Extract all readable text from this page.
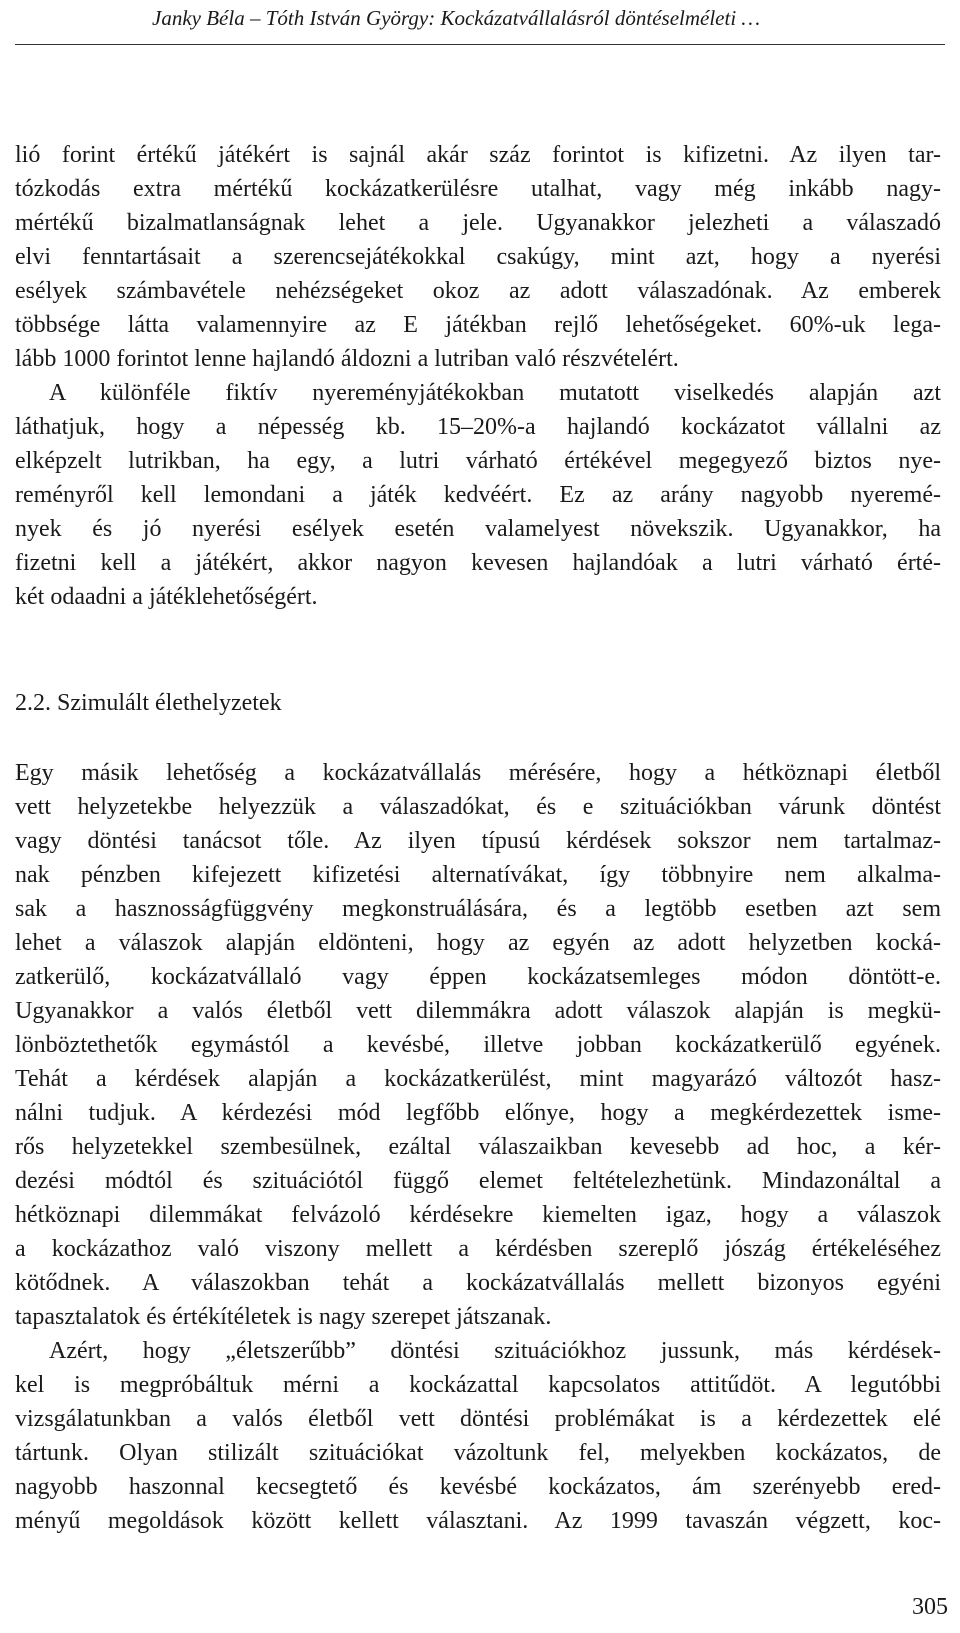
Janky Béla – Tóth István György: Kockázatvállalásról döntéselméleti …
lió forint értékű játékért is sajnál akár száz forintot is kifizetni. Az ilyen tar-
tózkodás extra mértékű kockázatkerülésre utalhat, vagy még inkább nagy-
mértékű bizalmatlanságnak lehet a jele. Ugyanakkor jelezheti a válaszadó
elvi fenntartásait a szerencsejátékokkal csakúgy, mint azt, hogy a nyerési
esélyek számbavétele nehézségeket okoz az adott válaszadónak. Az emberek
többsége látta valamennyire az E játékban rejlő lehetőségeket. 60%-uk lega-
lább 1000 forintot lenne hajlandó áldozni a lutriban való részvételért.
A különféle fiktív nyereményjátékokban mutatott viselkedés alapján azt
láthatjuk, hogy a népesség kb. 15–20%-a hajlandó kockázatot vállalni az
elképzelt lutrikban, ha egy, a lutri várható értékével megegyező biztos nye-
reményről kell lemondani a játék kedvéért. Ez az arány nagyobb nyeremé-
nyek és jó nyerési esélyek esetén valamelyest növekszik. Ugyanakkor, ha
fizetni kell a játékért, akkor nagyon kevesen hajlandóak a lutri várható érté-
két odaadni a játéklehetőségért.
2.2. Szimulált élethelyzetek
Egy másik lehetőség a kockázatvállalás mérésére, hogy a hétköznapi életből
vett helyzetekbe helyezzük a válaszadókat, és e szituációkban várunk döntést
vagy döntési tanácsot tőle. Az ilyen típusú kérdések sokszor nem tartalmaz-
nak pénzben kifejezett kifizetési alternatívákat, így többnyire nem alkalma-
sak a hasznosságfüggvény megkonstruálására, és a legtöbb esetben azt sem
lehet a válaszok alapján eldönteni, hogy az egyén az adott helyzetben kocká-
zatkerülő, kockázatvállaló vagy éppen kockázatsemleges módon döntött-e.
Ugyanakkor a valós életből vett dilemmákra adott válaszok alapján is megkü-
lönböztethetők egymástól a kevésbé, illetve jobban kockázatkerülő egyének.
Tehát a kérdések alapján a kockázatkerülést, mint magyarázó változót hasz-
nálni tudjuk. A kérdezési mód legfőbb előnye, hogy a megkérdezettek isme-
rős helyzetekkel szembesülnek, ezáltal válaszaikban kevesebb ad hoc, a kér-
dezési módtól és szituációtól függő elemet feltételezhetünk. Mindazonáltal a
hétköznapi dilemmákat felvázoló kérdésekre kiemelten igaz, hogy a válaszok
a kockázathoz való viszony mellett a kérdésben szereplő jószág értékeléséhez
kötődnek. A válaszokban tehát a kockázatvállalás mellett bizonyos egyéni
tapasztalatok és értékítéletek is nagy szerepet játszanak.
Azért, hogy „életszerűbb” döntési szituációkhoz jussunk, más kérdések-
kel is megpróbáltuk mérni a kockázattal kapcsolatos attitűdöt. A legutóbbi
vizsgálatunkban a valós életből vett döntési problémákat is a kérdezettek elé
tártunk. Olyan stilizált szituációkat vázoltunk fel, melyekben kockázatos, de
nagyobb haszonnal kecsegtető és kevésbé kockázatos, ám szerényebb ered-
ményű megoldások között kellett választani. Az 1999 tavaszán végzett, koc-
305
